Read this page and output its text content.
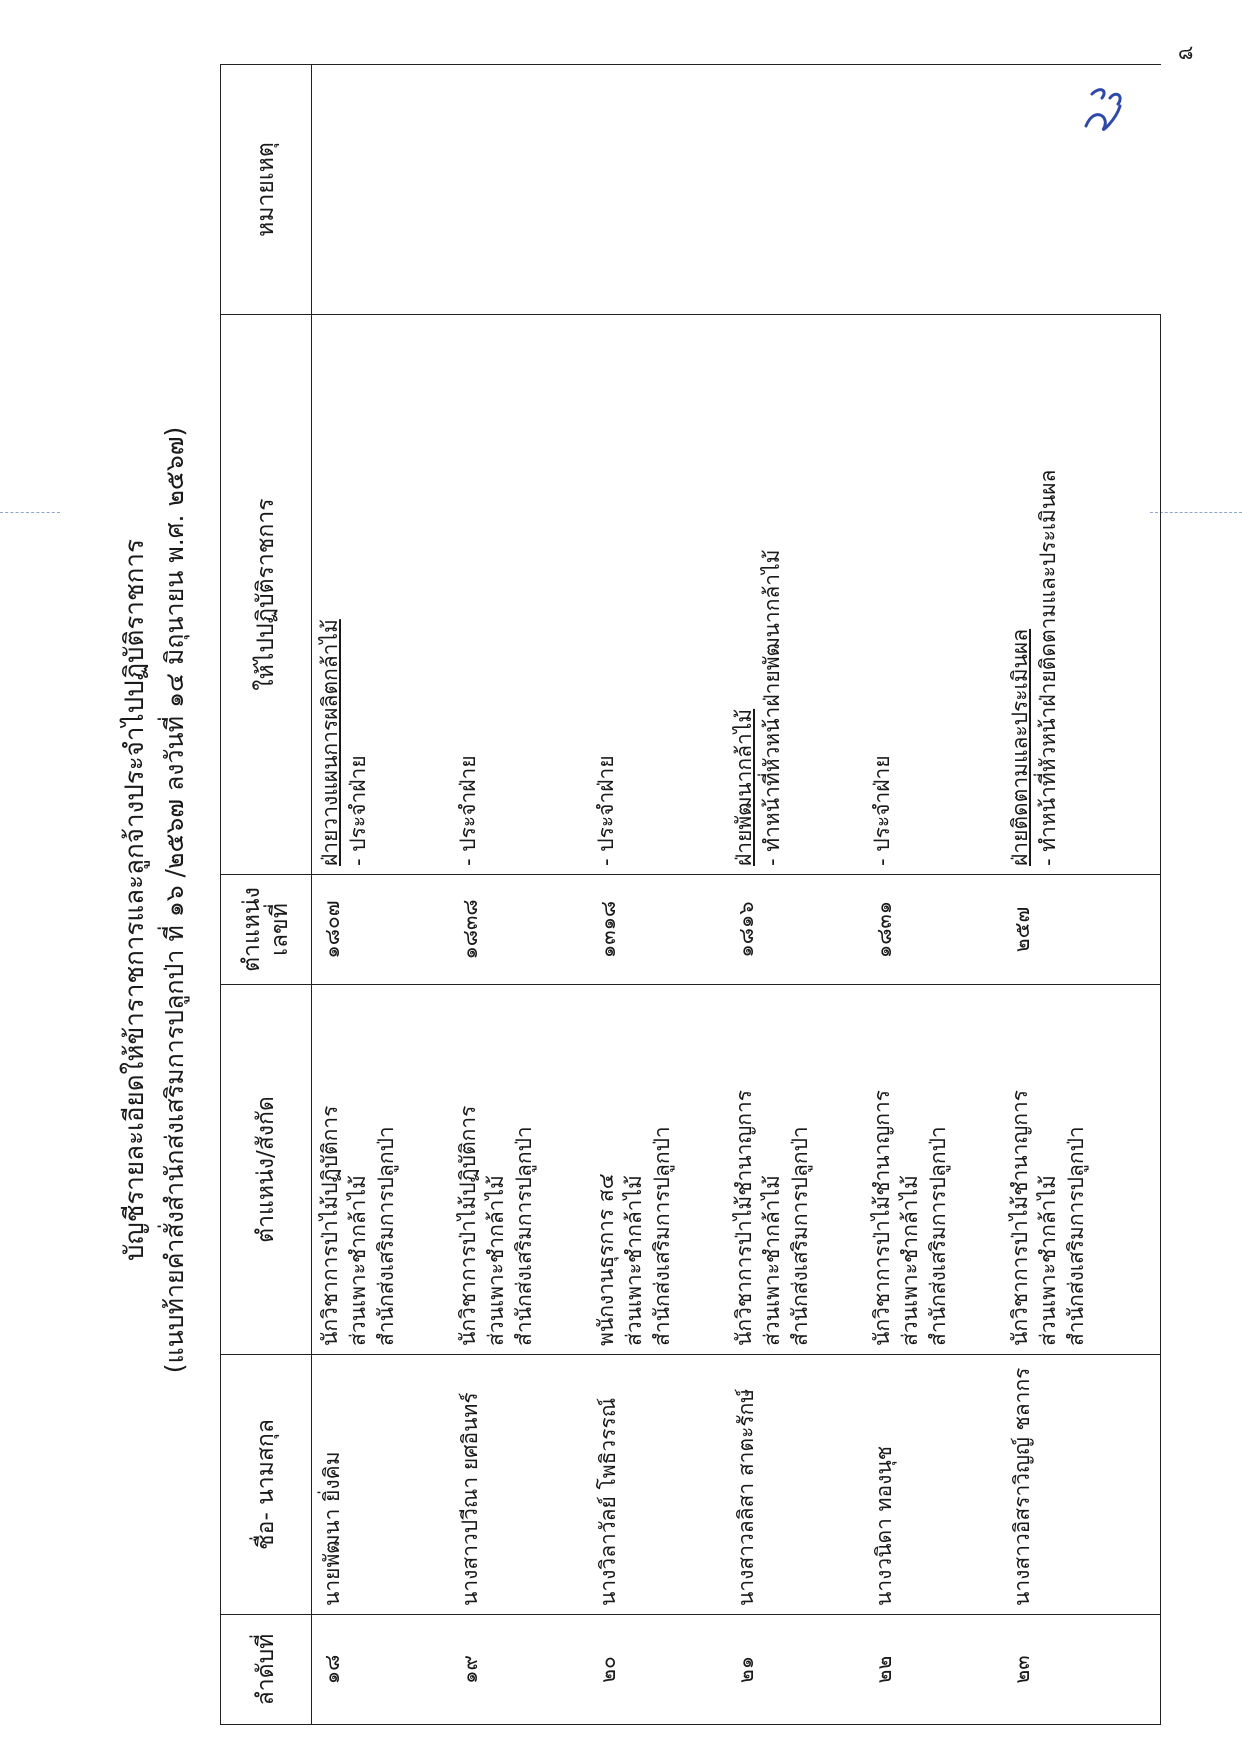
๘
บัญชีรายละเอียดให้ข้าราชการและลูกจ้างประจำไปปฏิบัติราชการ (แนบท้ายคำสั่งสำนักส่งเสริมการปลูกป่า ที่ ๑๖ /๒๕๖๗ ลงวันที่ ๑๔ มิถุนายน พ.ศ. ๒๕๖๗)
ลำดับที่	ชื่อ- นามสกุล	ตำแหน่ง/สังกัด	ตำแหน่ง เลขที่	ให้ไปปฏิบัติราชการ	หมายเหตุ
๑๘	นายพัฒนา ยิ่งคิม	นักวิชาการป่าไม้ปฏิบัติการ ส่วนเพาะชำกล้าไม้ สำนักส่งเสริมการปลูกป่า	๑๘๐๗	ฝ่ายวางแผนการผลิตกล้าไม้ - ประจำฝ่าย	

๑๙	นางสาวปวีณา ยศอินทร์	นักวิชาการป่าไม้ปฏิบัติการ ส่วนเพาะชำกล้าไม้ สำนักส่งเสริมการปลูกป่า	๑๘๓๘	- ประจำฝ่าย	

๒๐	นางวิลาวัลย์ โพธิวรรณ์	พนักงานธุรการ ส๔ ส่วนเพาะชำกล้าไม้ สำนักส่งเสริมการปลูกป่า	๑๓๑๘	- ประจำฝ่าย	

๒๑	นางสาวลลิสา สาตะรักษ์	นักวิชาการป่าไม้ชำนาญการ ส่วนเพาะชำกล้าไม้ สำนักส่งเสริมการปลูกป่า	๑๘๑๖	ฝ่ายพัฒนากล้าไม้ - ทำหน้าที่หัวหน้าฝ่ายพัฒนากล้าไม้	

๒๒	นางวนิดา ทองนุช	นักวิชาการป่าไม้ชำนาญการ ส่วนเพาะชำกล้าไม้ สำนักส่งเสริมการปลูกป่า	๑๘๓๑	- ประจำฝ่าย	

๒๓	นางสาวอิสราวิญญ์ ชลากร	นักวิชาการป่าไม้ชำนาญการ ส่วนเพาะชำกล้าไม้ สำนักส่งเสริมการปลูกป่า	๒๕๗	ฝ่ายติดตามและประเมินผล - ทำหน้าที่หัวหน้าฝ่ายติดตามและประเมินผล	
